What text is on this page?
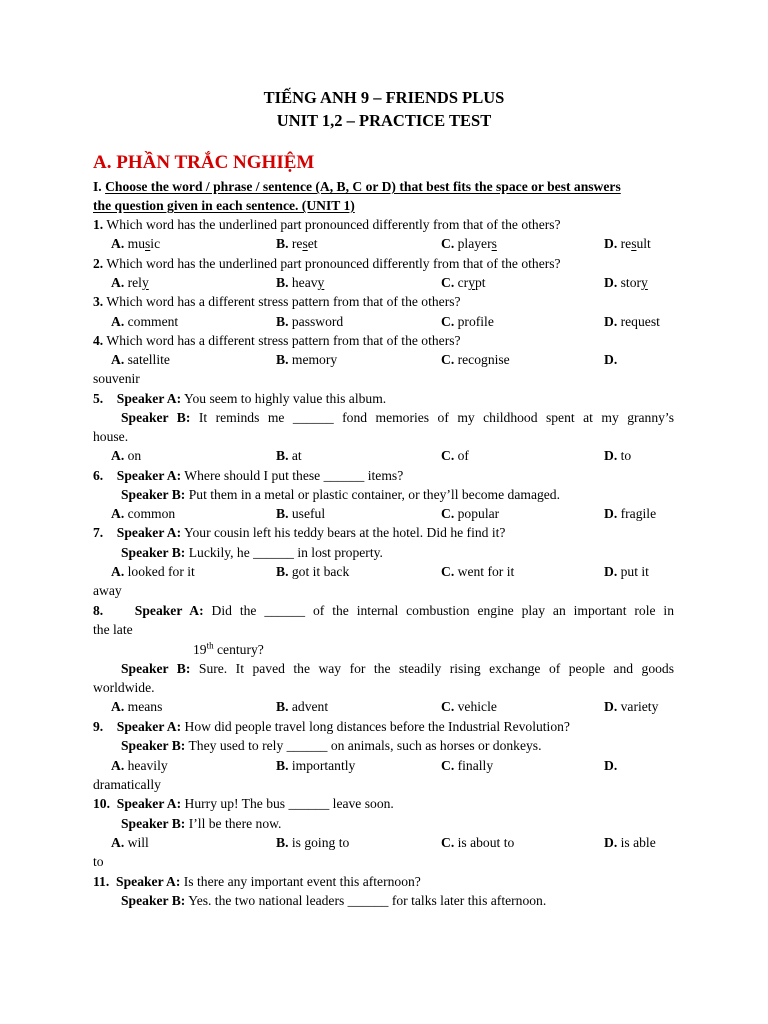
TIẾNG ANH 9 – FRIENDS PLUS
UNIT 1,2 – PRACTICE TEST
A. PHẦN TRẮC NGHIỆM
I. Choose the word / phrase / sentence (A, B, C or D) that best fits the space or best answers
the question given in each sentence. (UNIT 1)
1. Which word has the underlined part pronounced differently from that of the others?
A. music	B. reset	C. players	D. result
2. Which word has the underlined part pronounced differently from that of the others?
A. rely	B. heavy	C. crypt	D. story
3. Which word has a different stress pattern from that of the others?
A. comment	B. password	C. profile	D. request
4. Which word has a different stress pattern from that of the others?
A. satellite	B. memory	C. recognise	D.
souvenir
5. Speaker A: You seem to highly value this album.
Speaker B: It reminds me ______ fond memories of my childhood spent at my granny’s
house.
A. on	B. at	C. of	D. to
6. Speaker A: Where should I put these ______ items?
Speaker B: Put them in a metal or plastic container, or they’ll become damaged.
A. common	B. useful	C. popular	D. fragile
7. Speaker A: Your cousin left his teddy bears at the hotel. Did he find it?
Speaker B: Luckily, he ______ in lost property.
A. looked for it	B. got it back	C. went for it	D. put it
away
8. Speaker A: Did the ______ of the internal combustion engine play an important role in
the late
19th century?
Speaker B: Sure. It paved the way for the steadily rising exchange of people and goods
worldwide.
A. means	B. advent	C. vehicle	D. variety
9. Speaker A: How did people travel long distances before the Industrial Revolution?
Speaker B: They used to rely ______ on animals, such as horses or donkeys.
A. heavily	B. importantly	C. finally	D.
dramatically
10. Speaker A: Hurry up! The bus ______ leave soon.
Speaker B: I’ll be there now.
A. will	B. is going to	C. is about to	D. is able
to
11. Speaker A: Is there any important event this afternoon?
Speaker B: Yes. the two national leaders ______ for talks later this afternoon.
